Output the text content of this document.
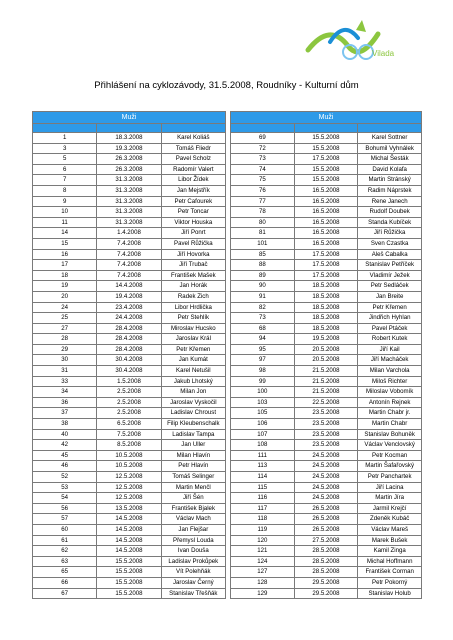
Vilada
Přihlášení na cyklozávody, 31.5.2008, Roudníky - Kulturní dům
Muži		

1	18.3.2008	Karel Koliáš
3	19.3.2008	Tomáš Fliedr
5	26.3.2008	Pavel Scholz
6	26.3.2008	Radomír Valert
7	31.3.2008	Libor Žídek
8	31.3.2008	Jan Mejstřík
9	31.3.2008	Petr Cafourek
10	31.3.2008	Petr Toncar
11	31.3.2008	Viktor Houska
14	1.4.2008	Jiří Ponrt
15	7.4.2008	Pavel Růžička
16	7.4.2008	Jiří Hovorka
17	7.4.2008	Jiří Trubač
18	7.4.2008	František Mašek
19	14.4.2008	Jan Horák
20	19.4.2008	Radek Zich
24	23.4.2008	Libor Hrdlička
25	24.4.2008	Petr Stehlík
27	28.4.2008	Miroslav Hucsko
28	28.4.2008	Jaroslav Král
29	28.4.2008	Petr Křemen
30	30.4.2008	Jan Kumát
31	30.4.2008	Karel Netušil
33	1.5.2008	Jakub Lhotský
34	2.5.2008	Milan Jon
36	2.5.2008	Jaroslav Vyskočil
37	2.5.2008	Ladislav Chroust
38	6.5.2008	Filip Kleubenschalk
40	7.5.2008	Ladislav Tampa
42	8.5.2008	Jan Uller
45	10.5.2008	Milan Hlavín
46	10.5.2008	Petr Hlavín
52	12.5.2008	Tomáš Selinger
53	12.5.2008	Martin Menčl
54	12.5.2008	Jiří Šén
56	13.5.2008	František Bjalek
57	14.5.2008	Václav Mach
60	14.5.2008	Jan Flejšar
61	14.5.2008	Přemysl Louda
62	14.5.2008	Ivan Douša
63	15.5.2008	Ladislav Prokůpek
65	15.5.2008	Vít Polehňák
66	15.5.2008	Jaroslav Černý
67	15.5.2008	Stanislav Třešňák
Muži		

69	15.5.2008	Karel Sottner
72	15.5.2008	Bohumil Vyhnálek
73	17.5.2008	Michal Šesták
74	15.5.2008	David Kolafa
75	15.5.2008	Martin Stránský
76	16.5.2008	Radim Náprstek
77	16.5.2008	Rene Janech
78	16.5.2008	Rudolf Doubek
80	16.5.2008	Standa Kubíček
81	16.5.2008	Jiří Růžička
101	16.5.2008	Sven Czastka
85	17.5.2008	Aleš Cabalka
88	17.5.2008	Stanislav Petříček
89	17.5.2008	Vladimír Ježek
90	18.5.2008	Petr Sedláček
91	18.5.2008	Jan Breite
82	18.5.2008	Petr Křemen
73	18.5.2008	Jindřich Hyhlan
68	18.5.2008	Pavel Ptáček
94	19.5.2008	Robert Kutek
95	20.5.2008	Jiří Kail
97	20.5.2008	Jiří Macháček
98	21.5.2008	Milan Varchola
99	21.5.2008	Miloš Richter
100	21.5.2008	Miloslav Vobomík
103	22.5.2008	Antonín Rejnek
105	23.5.2008	Martin Chabr jr.
106	23.5.2008	Martin Chabr
107	23.5.2008	Stanislav Bohuněk
108	23.5.2008	Václav Venclovský
111	24.5.2008	Petr Kocman
113	24.5.2008	Martin Šafařovský
114	24.5.2008	Petr Panchartek
115	24.5.2008	Jiří Lacina
116	24.5.2008	Martin Jíra
117	26.5.2008	Jarmil Krejčí
118	26.5.2008	Zdeněk Kubáč
119	26.5.2008	Václav Mareš
120	27.5.2008	Marek Bušek
121	28.5.2008	Kamil Zinga
124	28.5.2008	Michal Hoffmann
127	28.5.2008	František Corman
128	29.5.2008	Petr Pokorný
129	29.5.2008	Stanislav Holub
